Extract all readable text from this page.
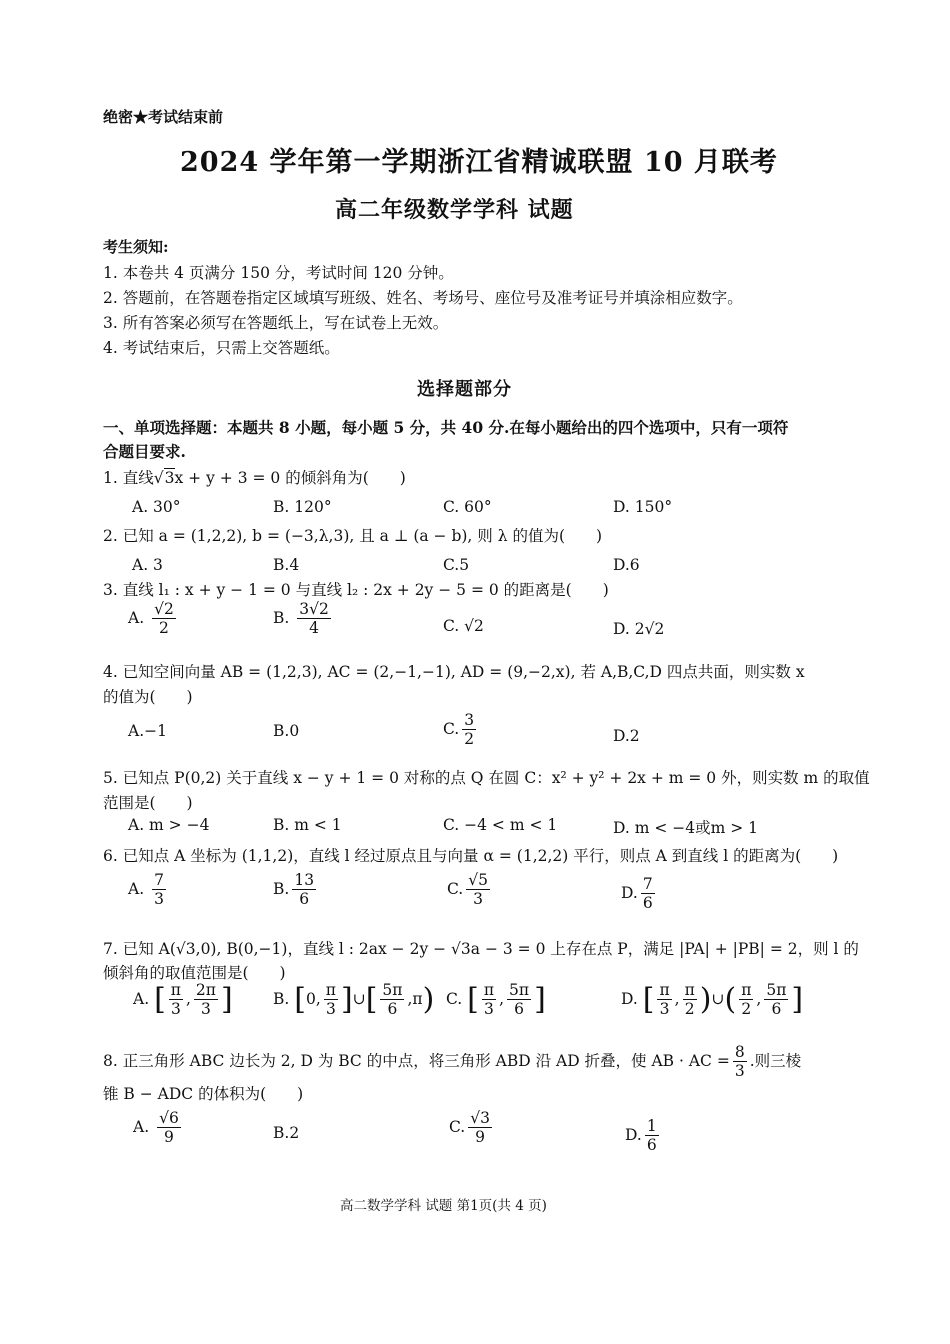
绝密★考试结束前
2024 学年第一学期浙江省精诚联盟 10 月联考
高二年级数学学科 试题
考生须知:
1. 本卷共 4 页满分 150 分，考试时间 120 分钟。
2. 答题前，在答题卷指定区域填写班级、姓名、考场号、座位号及准考证号并填涂相应数字。
3. 所有答案必须写在答题纸上，写在试卷上无效。
4. 考试结束后，只需上交答题纸。
选择题部分
一、单项选择题：本题共 8 小题，每小题 5 分，共 40 分.在每小题给出的四个选项中，只有一项符
合题目要求.
1. 直线√3x + y + 3 = 0 的倾斜角为(　　)
A. 30°	B. 120°	C. 60°	D. 150°
2. 已知 a = (1,2,2), b = (−3,λ,3), 且 a ⊥ (a − b), 则 λ 的值为(　　)
A. 3	B.4	C.5	D.6
3. 直线 l₁ : x + y − 1 = 0 与直线 l₂ : 2x + 2y − 5 = 0 的距离是(　　)
A. $\frac{√2}{2}$	B. $\frac{3√2}{4}$	C. √2	D. 2√2
4. 已知空间向量 AB = (1,2,3), AC = (2,−1,−1), AD = (9,−2,x), 若 A,B,C,D 四点共面，则实数 x
的值为(　　)
A.−1	B.0	C. $\frac{3}{2}$	D.2
5. 已知点 P(0,2) 关于直线 x − y + 1 = 0 对称的点 Q 在圆 C：x² + y² + 2x + m = 0 外，则实数 m 的取值
范围是(　　)
A. m > −4	B. m < 1	C. −4 < m < 1	D. m < −4或m > 1
6. 已知点 A 坐标为 (1,1,2)，直线 l 经过原点且与向量 α = (1,2,2) 平行，则点 A 到直线 l 的距离为(　　)
A. $\frac{7}{3}$	B. $\frac{13}{6}$	C. $\frac{√5}{3}$	D. $\frac{7}{6}$
7. 已知 A(√3,0), B(0,−1)，直线 l : 2ax − 2y − √3a − 3 = 0 上存在点 P，满足 |PA| + |PB| = 2，则 l 的
倾斜角的取值范围是(　　)
A. [ $\frac{\pi}{3}$ , $\frac{2\pi}{3}$ ]	B. [0, $\frac{\pi}{3}$ ]∪[ $\frac{5\pi}{6} ,\pi$) C. [ $\frac{\pi}{3}$ , $\frac{5\pi}{6}$ ]	D. [ $\frac{\pi}{3}$ , $\frac{\pi}{2}$ )∪( $\frac{\pi}{2}$ , $\frac{5\pi}{6}$ ]
8. 正三角形 ABC 边长为 2, D 为 BC 的中点，将三角形 ABD 沿 AD 折叠，使 AB · AC = $\frac{8}{3}$ .则三棱
锥 B − ADC 的体积为(　　)
A. $\frac{√6}{9}$	B.2	C. $\frac{√3}{9}$	D. $\frac{1}{6}$
高二数学学科 试题 第1页(共 4 页)
